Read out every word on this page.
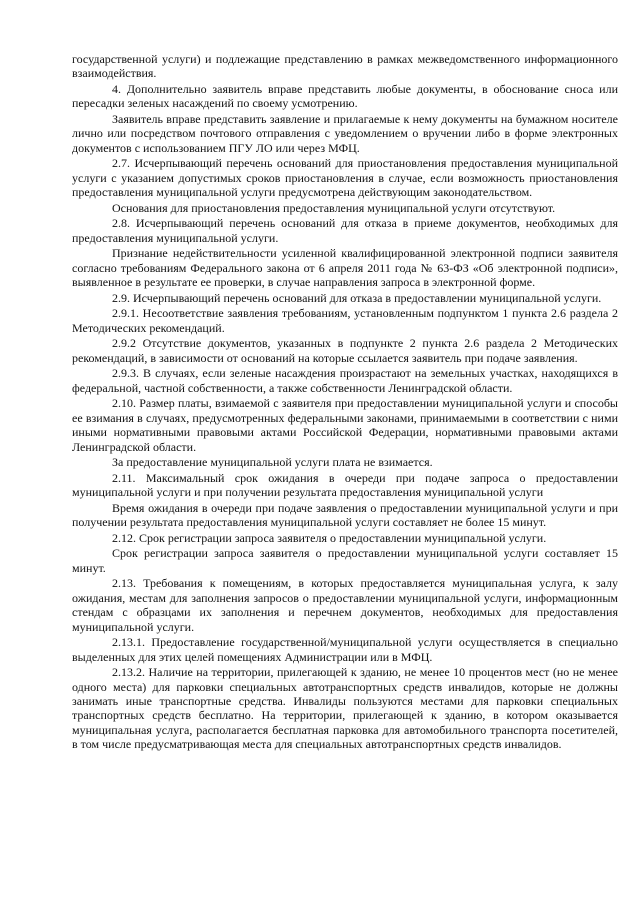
государственной услуги) и подлежащие представлению в рамках межведомственного информационного взаимодействия.

4. Дополнительно заявитель вправе представить любые документы, в обоснование сноса или пересадки зеленых насаждений по своему усмотрению.

Заявитель вправе представить заявление и прилагаемые к нему документы на бумажном носителе лично или посредством почтового отправления с уведомлением о вручении либо в форме электронных документов с использованием ПГУ ЛО или через МФЦ.

2.7. Исчерпывающий перечень оснований для приостановления предоставления муниципальной услуги с указанием допустимых сроков приостановления в случае, если возможность приостановления предоставления муниципальной услуги предусмотрена действующим законодательством.

Основания для приостановления предоставления муниципальной услуги отсутствуют.

2.8. Исчерпывающий перечень оснований для отказа в приеме документов, необходимых для предоставления муниципальной услуги.

Признание недействительности усиленной квалифицированной электронной подписи заявителя согласно требованиям Федерального закона от 6 апреля 2011 года № 63-ФЗ «Об электронной подписи», выявленное в результате ее проверки, в случае направления запроса в электронной форме.

2.9. Исчерпывающий перечень оснований для отказа в предоставлении муниципальной услуги.

2.9.1. Несоответствие заявления требованиям, установленным подпунктом 1 пункта 2.6 раздела 2 Методических рекомендаций.

2.9.2 Отсутствие документов, указанных в подпункте 2 пункта 2.6 раздела 2 Методических рекомендаций, в зависимости от оснований на которые ссылается заявитель при подаче заявления.

2.9.3. В случаях, если зеленые насаждения произрастают на земельных участках, находящихся в федеральной, частной собственности, а также собственности Ленинградской области.

2.10. Размер платы, взимаемой с заявителя при предоставлении муниципальной услуги и способы ее взимания в случаях, предусмотренных федеральными законами, принимаемыми в соответствии с ними иными нормативными правовыми актами Российской Федерации, нормативными правовыми актами Ленинградской области.

За предоставление муниципальной услуги плата не взимается.

2.11. Максимальный срок ожидания в очереди при подаче запроса о предоставлении муниципальной услуги и при получении результата предоставления муниципальной услуги

Время ожидания в очереди при подаче заявления о предоставлении муниципальной услуги и при получении результата предоставления муниципальной услуги составляет не более 15 минут.

2.12. Срок регистрации запроса заявителя о предоставлении муниципальной услуги.

Срок регистрации запроса заявителя о предоставлении муниципальной услуги составляет 15 минут.

2.13. Требования к помещениям, в которых предоставляется муниципальная услуга, к залу ожидания, местам для заполнения запросов о предоставлении муниципальной услуги, информационным стендам с образцами их заполнения и перечнем документов, необходимых для предоставления муниципальной услуги.

2.13.1. Предоставление государственной/муниципальной услуги осуществляется в специально выделенных для этих целей помещениях Администрации или в МФЦ.

2.13.2. Наличие на территории, прилегающей к зданию, не менее 10 процентов мест (но не менее одного места) для парковки специальных автотранспортных средств инвалидов, которые не должны занимать иные транспортные средства. Инвалиды пользуются местами для парковки специальных транспортных средств бесплатно. На территории, прилегающей к зданию, в котором оказывается муниципальная услуга, располагается бесплатная парковка для автомобильного транспорта посетителей, в том числе предусматривающая места для специальных автотранспортных средств инвалидов.
